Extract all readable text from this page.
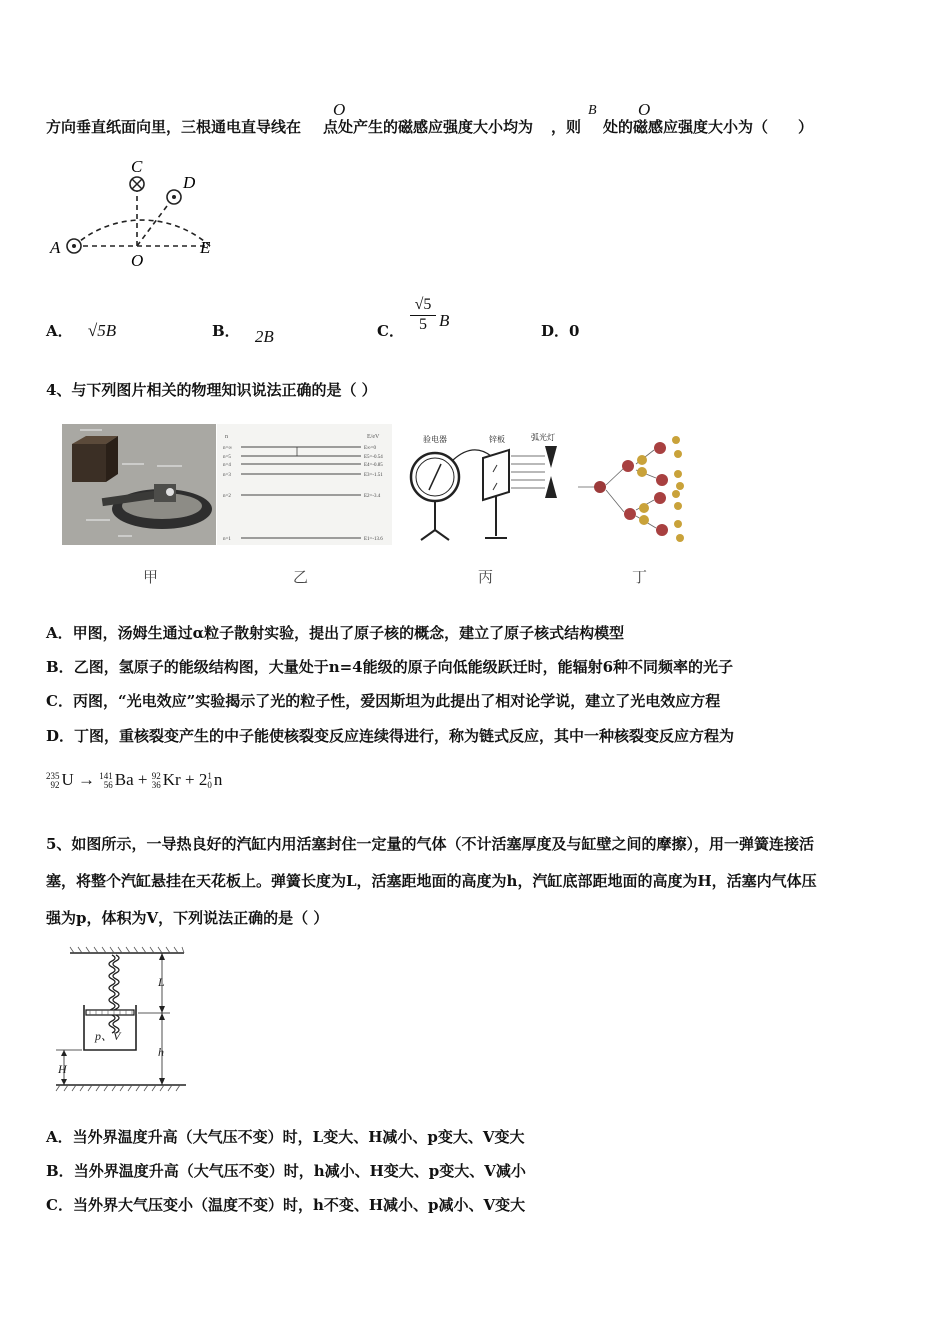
方向垂直纸面向里，三根通电直导线在 点处产生的磁感应强度大小均为 ，则 处的磁感应强度大小为（　　）
O	B O
A
C
D
O
E
A． √5B	B． 2B	C． $\frac{√5}{5}$ B
D．0
4、与下列图片相关的物理知识说法正确的是（ ）
n	E/eV
n=∞
n=5
n=4
n=3
n=2
n=1
E∞=0
E5=-0.54
E4=-0.85
E3=-1.51
E2=-3.4
E1=-13.6
验电器	锌板	弧光灯
甲	乙	丙	丁
A．甲图，汤姆生通过α粒子散射实验，提出了原子核的概念，建立了原子核式结构模型
B．乙图，氢原子的能级结构图，大量处于n=4能级的原子向低能级跃迁时，能辐射6种不同频率的光子
C．丙图，“光电效应”实验揭示了光的粒子性，爱因斯坦为此提出了相对论学说，建立了光电效应方程
D．丁图，重核裂变产生的中子能使核裂变反应连续得进行，称为链式反应，其中一种核裂变反应方程为
235
92 U → 141
56 Ba + 92
36 Kr + 21
0 n
5、如图所示，一导热良好的汽缸内用活塞封住一定量的气体（不计活塞厚度及与缸壁之间的摩擦），用一弹簧连接活
塞，将整个汽缸悬挂在天花板上。弹簧长度为L，活塞距地面的高度为h，汽缸底部距地面的高度为H，活塞内气体压
强为p，体积为V，下列说法正确的是（ ）
p、V
L
h
H
A．当外界温度升高（大气压不变）时，L变大、H减小、p变大、V变大
B．当外界温度升高（大气压不变）时，h减小、H变大、p变大、V减小
C．当外界大气压变小（温度不变）时，h不变、H减小、p减小、V变大
